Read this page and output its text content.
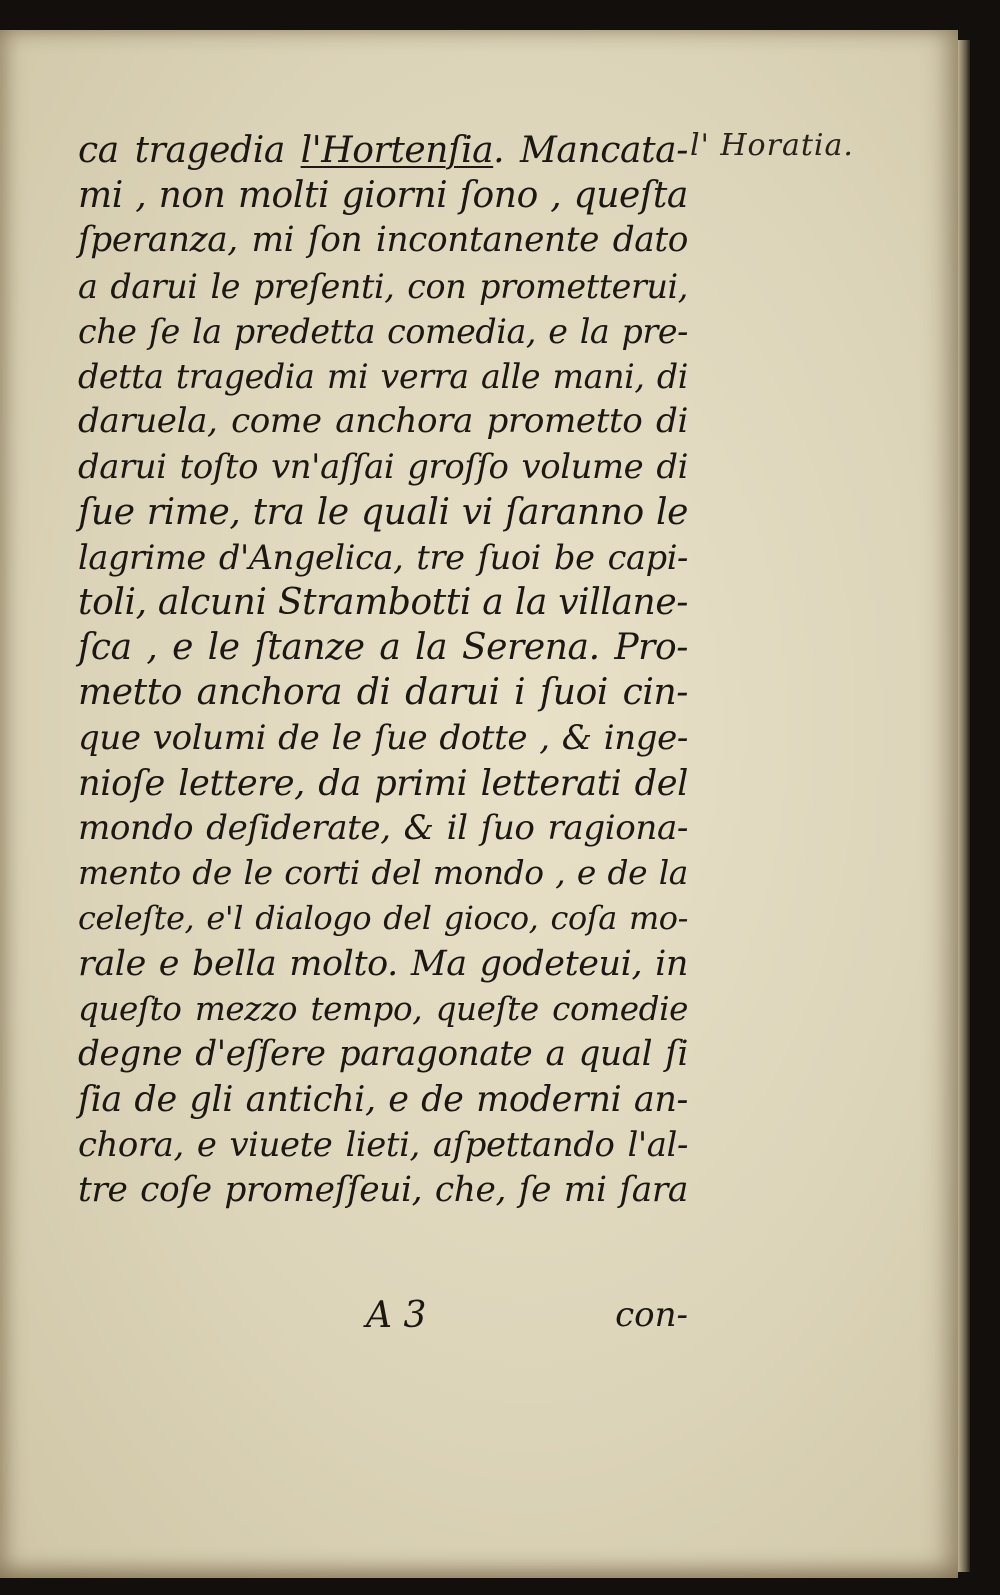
ca tragedia l'Hortenſia. Mancata-
mi , non molti giorni ſono , queſta
ſperanza, mi ſon incontanente dato
a darui le preſenti, con prometterui,
che ſe la predetta comedia, e la pre-
detta tragedia mi verra alle mani, di
daruela, come anchora prometto di
darui toſto vn'aſſai groſſo volume di
ſue rime, tra le quali vi ſaranno le
lagrime d'Angelica, tre ſuoi be capi-
toli, alcuni Strambotti a la villane-
ſca , e le ſtanze a la Serena. Pro-
metto anchora di darui i ſuoi cin-
que volumi de le ſue dotte , & inge-
nioſe lettere, da primi letterati del
mondo deſiderate, & il ſuo ragiona-
mento de le corti del mondo , e de la
celeſte, e'l dialogo del gioco, coſa mo-
rale e bella molto. Ma godeteui, in
queſto mezzo tempo, queſte comedie
degne d'eſſere paragonate a qual ſi
ſia de gli antichi, e de moderni an-
chora, e viuete lieti, aſpettando l'al-
tre coſe promeſſeui, che, ſe mi ſara
A 3	con-
l' Horatia.
